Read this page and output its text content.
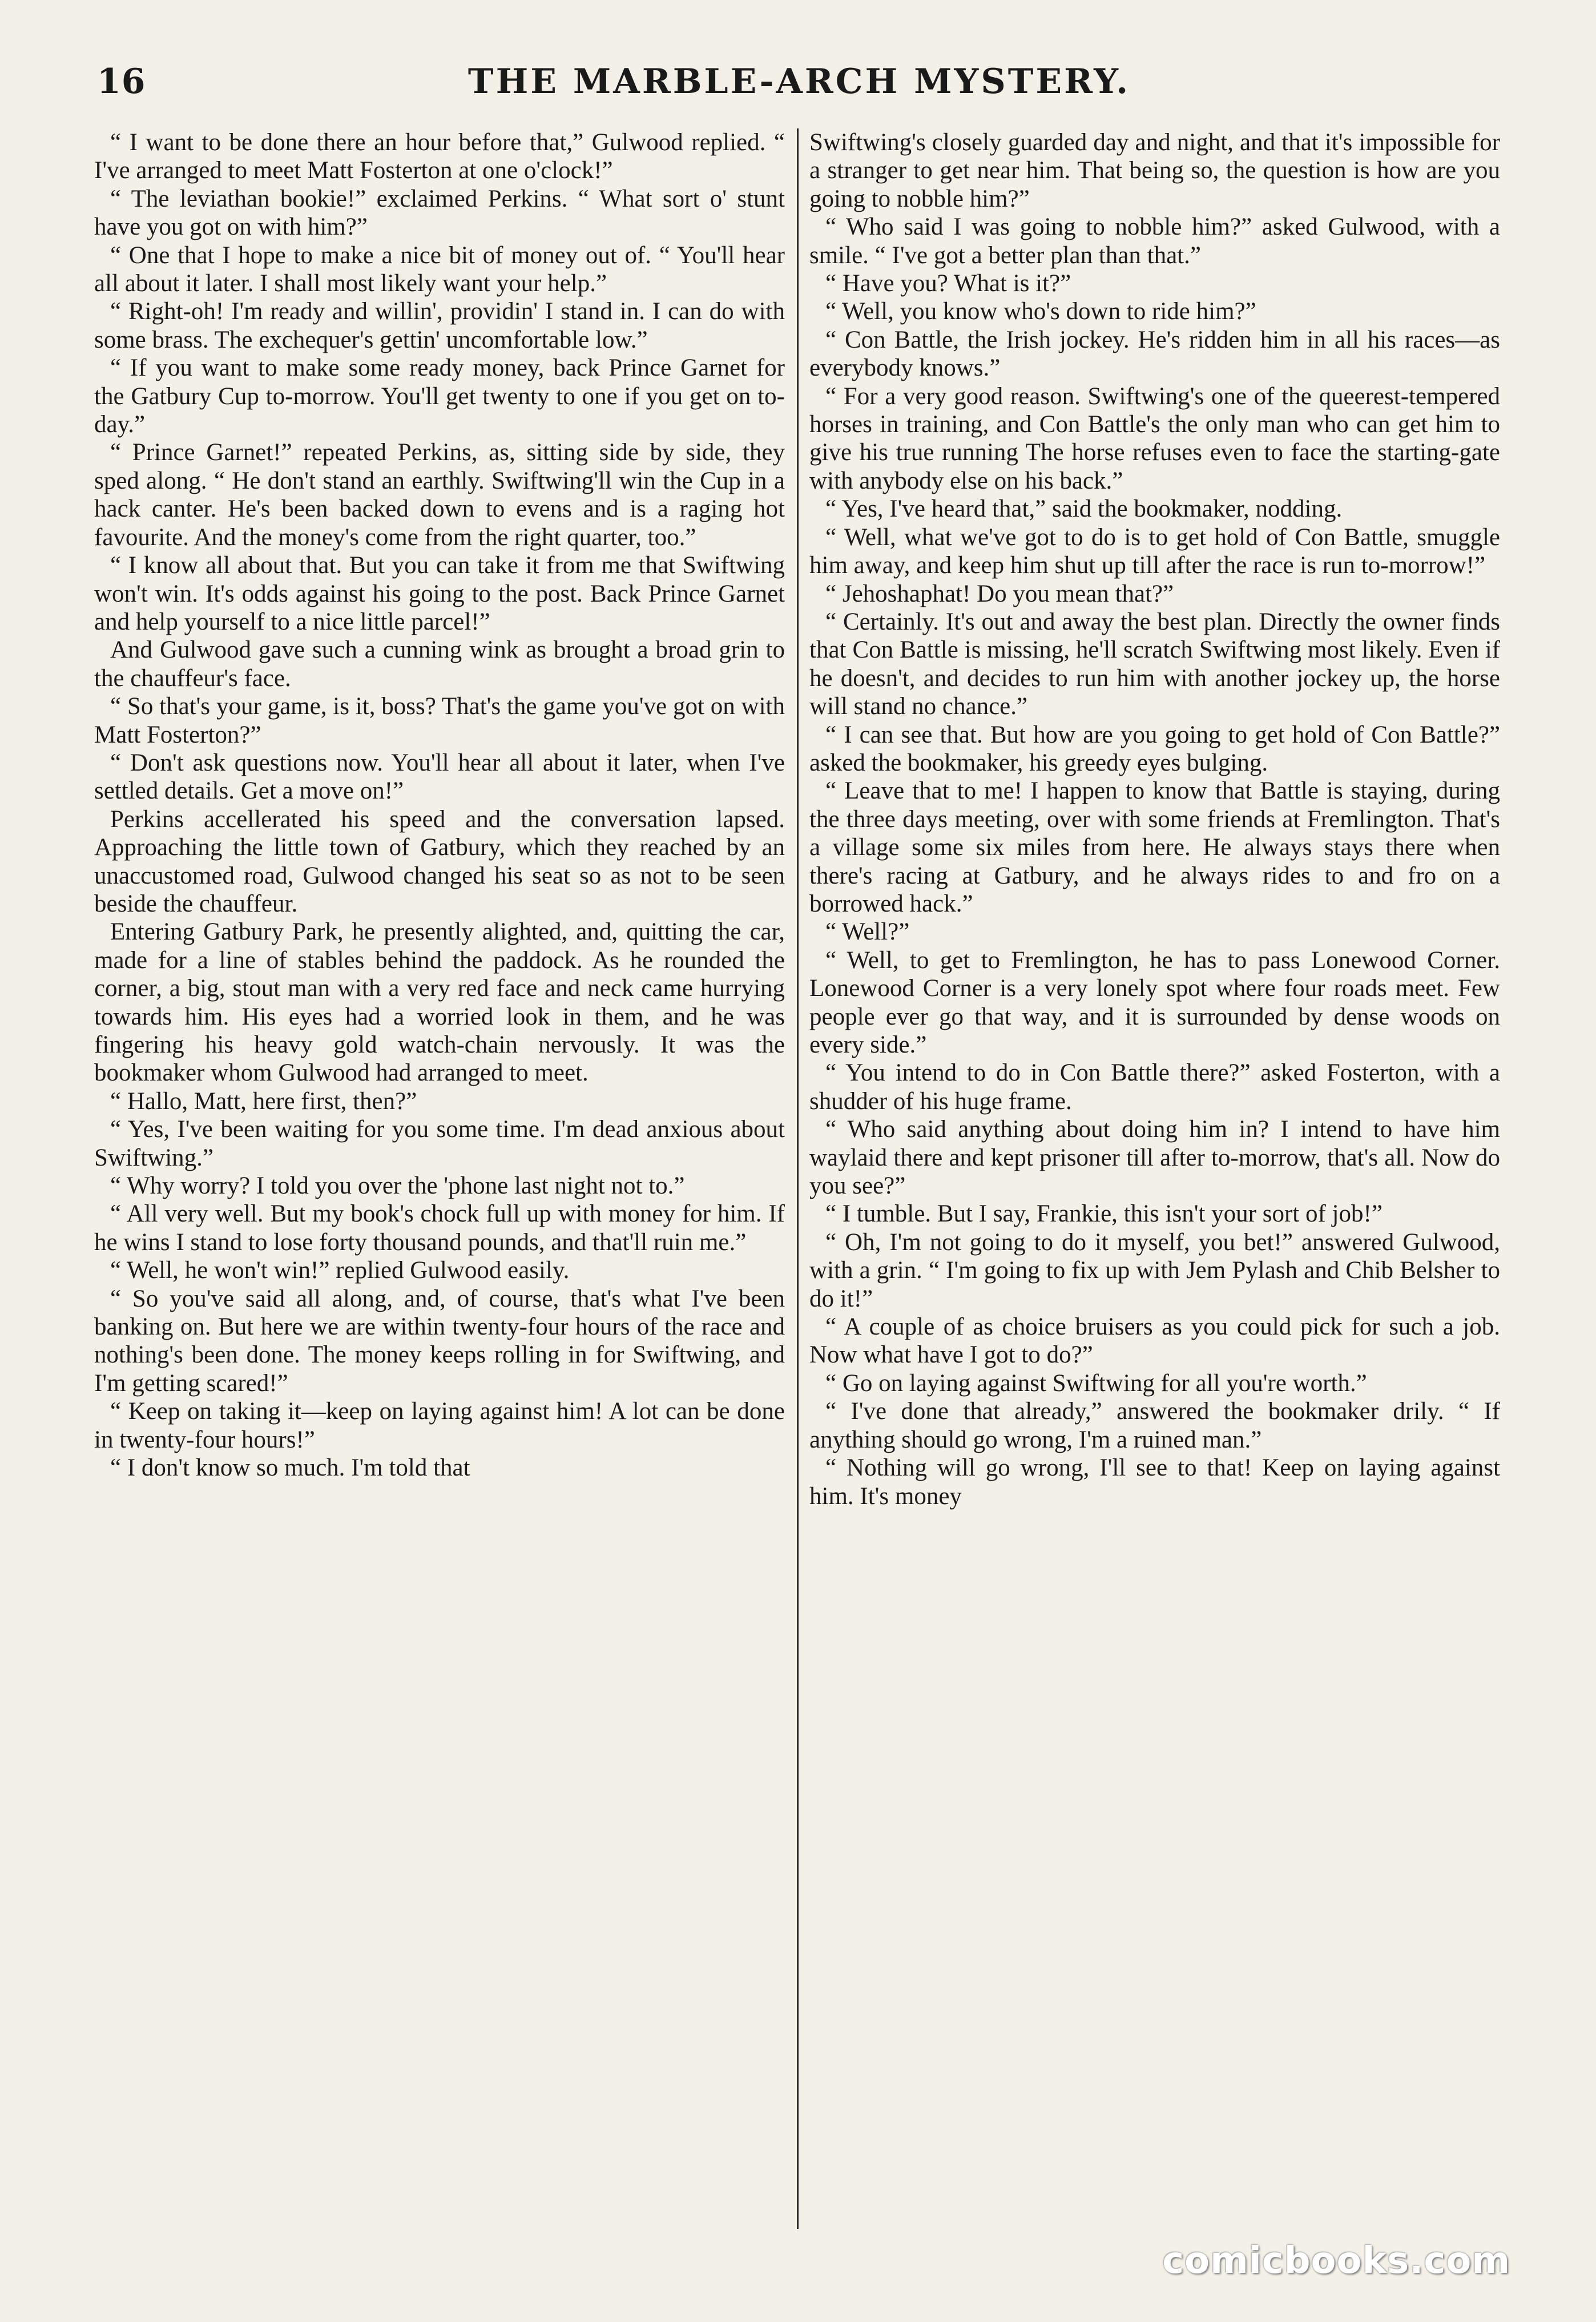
16	THE MARBLE-ARCH MYSTERY.

“ I want to be done there an hour before that,” Gulwood replied. “ I've arranged to meet Matt Fosterton at one o'clock!”

“ The leviathan bookie!” exclaimed Perkins. “ What sort o' stunt have you got on with him?”

“ One that I hope to make a nice bit of money out of. “ You'll hear all about it later. I shall most likely want your help.”

“ Right-oh! I'm ready and willin', providin' I stand in. I can do with some brass. The exchequer's gettin' uncomfortable low.”

“ If you want to make some ready money, back Prince Garnet for the Gatbury Cup to-morrow. You'll get twenty to one if you get on to-day.”

“ Prince Garnet!” repeated Perkins, as, sitting side by side, they sped along. “ He don't stand an earthly. Swiftwing'll win the Cup in a hack canter. He's been backed down to evens and is a raging hot favourite. And the money's come from the right quarter, too.”

“ I know all about that. But you can take it from me that Swiftwing won't win. It's odds against his going to the post. Back Prince Garnet and help yourself to a nice little parcel!”

And Gulwood gave such a cunning wink as brought a broad grin to the chauffeur's face.

“ So that's your game, is it, boss? That's the game you've got on with Matt Fosterton?”

“ Don't ask questions now. You'll hear all about it later, when I've settled details. Get a move on!”

Perkins accellerated his speed and the conversation lapsed. Approaching the little town of Gatbury, which they reached by an unaccustomed road, Gulwood changed his seat so as not to be seen beside the chauffeur.

Entering Gatbury Park, he presently alighted, and, quitting the car, made for a line of stables behind the paddock. As he rounded the corner, a big, stout man with a very red face and neck came hurrying towards him. His eyes had a worried look in them, and he was fingering his heavy gold watch-chain nervously. It was the bookmaker whom Gulwood had arranged to meet.

“ Hallo, Matt, here first, then?”

“ Yes, I've been waiting for you some time. I'm dead anxious about Swiftwing.”

“ Why worry? I told you over the 'phone last night not to.”

“ All very well. But my book's chock full up with money for him. If he wins I stand to lose forty thousand pounds, and that'll ruin me.”

“ Well, he won't win!” replied Gulwood easily.

“ So you've said all along, and, of course, that's what I've been banking on. But here we are within twenty-four hours of the race and nothing's been done. The money keeps rolling in for Swiftwing, and I'm getting scared!”

“ Keep on taking it—keep on laying against him! A lot can be done in twenty-four hours!”

“ I don't know so much. I'm told that

Swiftwing's closely guarded day and night, and that it's impossible for a stranger to get near him. That being so, the question is how are you going to nobble him?”

“ Who said I was going to nobble him?” asked Gulwood, with a smile. “ I've got a better plan than that.”

“ Have you? What is it?”

“ Well, you know who's down to ride him?”

“ Con Battle, the Irish jockey. He's ridden him in all his races—as everybody knows.”

“ For a very good reason. Swiftwing's one of the queerest-tempered horses in training, and Con Battle's the only man who can get him to give his true running The horse refuses even to face the starting-gate with anybody else on his back.”

“ Yes, I've heard that,” said the bookmaker, nodding.

“ Well, what we've got to do is to get hold of Con Battle, smuggle him away, and keep him shut up till after the race is run to-morrow!”

“ Jehoshaphat! Do you mean that?”

“ Certainly. It's out and away the best plan. Directly the owner finds that Con Battle is missing, he'll scratch Swiftwing most likely. Even if he doesn't, and decides to run him with another jockey up, the horse will stand no chance.”

“ I can see that. But how are you going to get hold of Con Battle?” asked the bookmaker, his greedy eyes bulging.

“ Leave that to me! I happen to know that Battle is staying, during the three days meeting, over with some friends at Fremlington. That's a village some six miles from here. He always stays there when there's racing at Gatbury, and he always rides to and fro on a borrowed hack.”

“ Well?”

“ Well, to get to Fremlington, he has to pass Lonewood Corner. Lonewood Corner is a very lonely spot where four roads meet. Few people ever go that way, and it is surrounded by dense woods on every side.”

“ You intend to do in Con Battle there?” asked Fosterton, with a shudder of his huge frame.

“ Who said anything about doing him in? I intend to have him waylaid there and kept prisoner till after to-morrow, that's all. Now do you see?”

“ I tumble. But I say, Frankie, this isn't your sort of job!”

“ Oh, I'm not going to do it myself, you bet!” answered Gulwood, with a grin. “ I'm going to fix up with Jem Pylash and Chib Belsher to do it!”

“ A couple of as choice bruisers as you could pick for such a job. Now what have I got to do?”

“ Go on laying against Swiftwing for all you're worth.”

“ I've done that already,” answered the bookmaker drily. “ If anything should go wrong, I'm a ruined man.”

“ Nothing will go wrong, I'll see to that! Keep on laying against him. It's money

comicbooks.com
